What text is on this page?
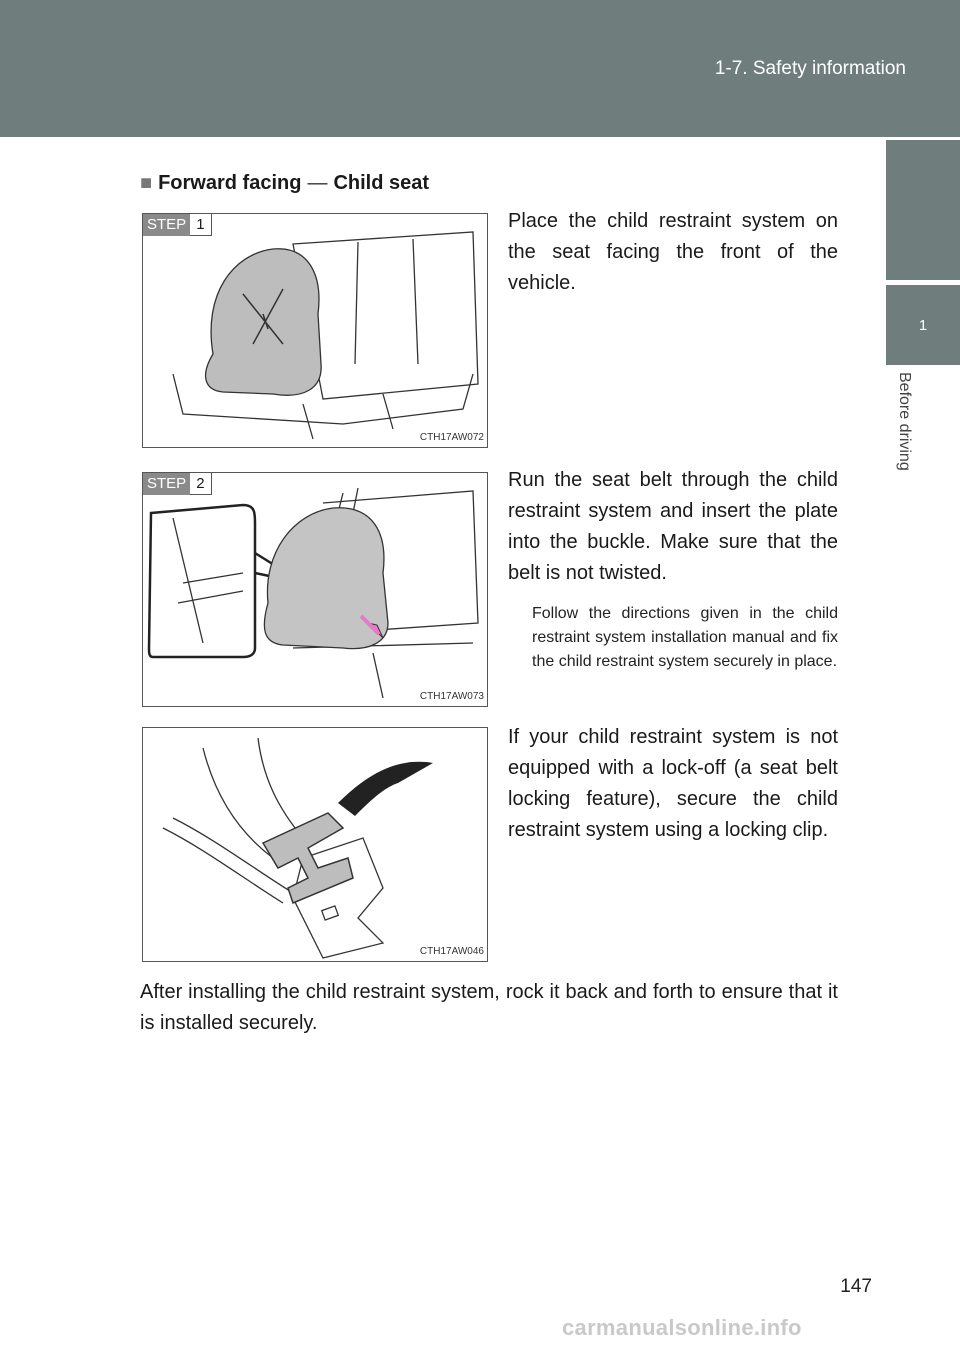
1-7. Safety information
1
Before driving
■ Forward facing — Child seat
STEP 1
CTH17AW072
Place the child restraint system on the seat facing the front of the vehicle.
STEP 2
CTH17AW073
Run the seat belt through the child restraint system and insert the plate into the buckle. Make sure that the belt is not twisted.
Follow the directions given in the child restraint system installation manual and fix the child restraint system securely in place.
CTH17AW046
If your child restraint system is not equipped with a lock-off (a seat belt locking feature), secure the child restraint system using a locking clip.
After installing the child restraint system, rock it back and forth to ensure that it is installed securely.
147
carmanualsonline.info
